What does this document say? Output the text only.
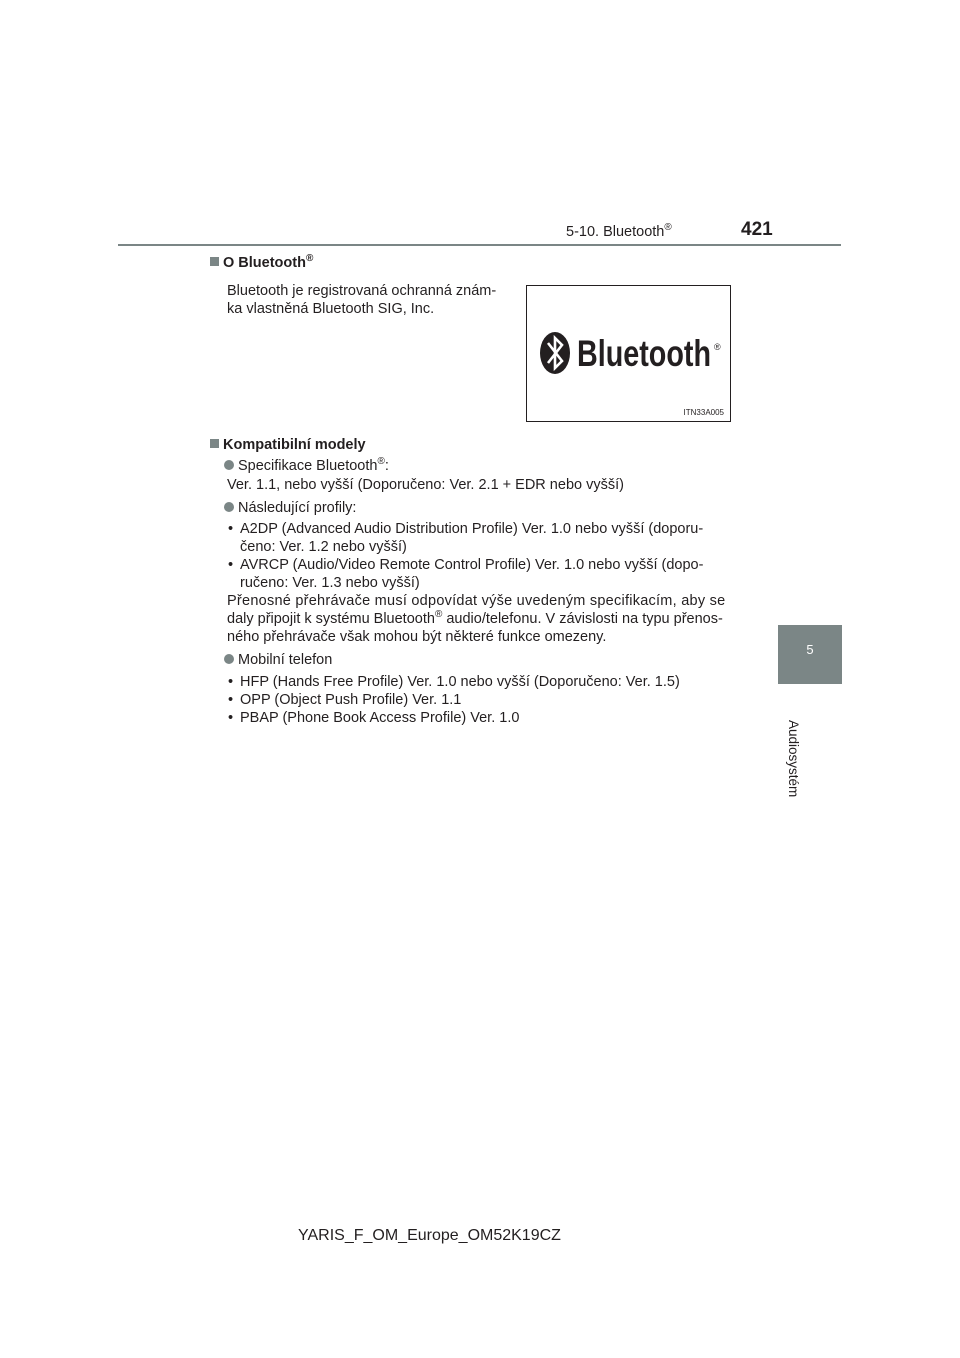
5-10. Bluetooth®	421
5
Audiosystém
O Bluetooth®
Bluetooth je registrovaná ochranná znám-
ka vlastněná Bluetooth SIG, Inc.
Bluetooth ®
ITN33A005
Kompatibilní modely
Specifikace Bluetooth®:
Ver. 1.1, nebo vyšší (Doporučeno: Ver. 2.1 + EDR nebo vyšší)
Následující profily:
• A2DP (Advanced Audio Distribution Profile) Ver. 1.0 nebo vyšší (doporu-
čeno: Ver. 1.2 nebo vyšší)
• AVRCP (Audio/Video Remote Control Profile) Ver. 1.0 nebo vyšší (dopo-
ručeno: Ver. 1.3 nebo vyšší)
Přenosné přehrávače musí odpovídat výše uvedeným specifikacím, aby se
daly připojit k systému Bluetooth® audio/telefonu. V závislosti na typu přenos-
ného přehrávače však mohou být některé funkce omezeny.
Mobilní telefon
• HFP (Hands Free Profile) Ver. 1.0 nebo vyšší (Doporučeno: Ver. 1.5)
• OPP (Object Push Profile) Ver. 1.1
• PBAP (Phone Book Access Profile) Ver. 1.0
YARIS_F_OM_Europe_OM52K19CZ
